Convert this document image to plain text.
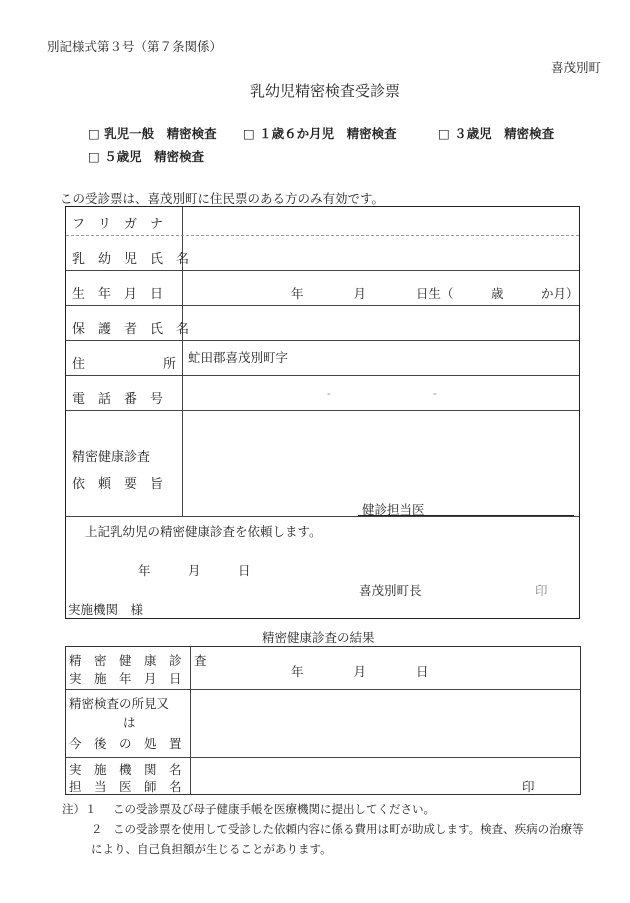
別記様式第３号（第７条関係）
喜茂別町
乳幼児精密検査受診票
□ 乳児一般　精密検査 □ １歳６か月児　精密検査	□ ３歳児　精密検査
□ ５歳児　精密検査
この受診票は、喜茂別町に住民票のある方のみ有効です。
フ　リ　ガ　ナ
乳　幼　児　氏　名
生　年　月　日	年　　　　月　　　　日生（　　　歳　　　か月）
保　護　者　氏　名
住　　　　　　所 虻田郡喜茂別町字
電　話　番　号	-	-
精密健康診査
依　頼　要　旨
健診担当医
上記乳幼児の精密健康診査を依頼します。
年　　　月　　　日
喜茂別町長	印
実施機関　様
精密健康診査の結果
精　密　健　康　診　査
実　施　年　月　日	年　　　　月　　　　日
精密検査の所見又
は
今　後　の　処　置
実　施　機　関　名
担　当　医　師　名	印
注）１ この受診票及び母子健康手帳を医療機関に提出してください。
２ この受診票を使用して受診した依頼内容に係る費用は町が助成します。検査、疾病の治療等
により、自己負担額が生じることがあります。
